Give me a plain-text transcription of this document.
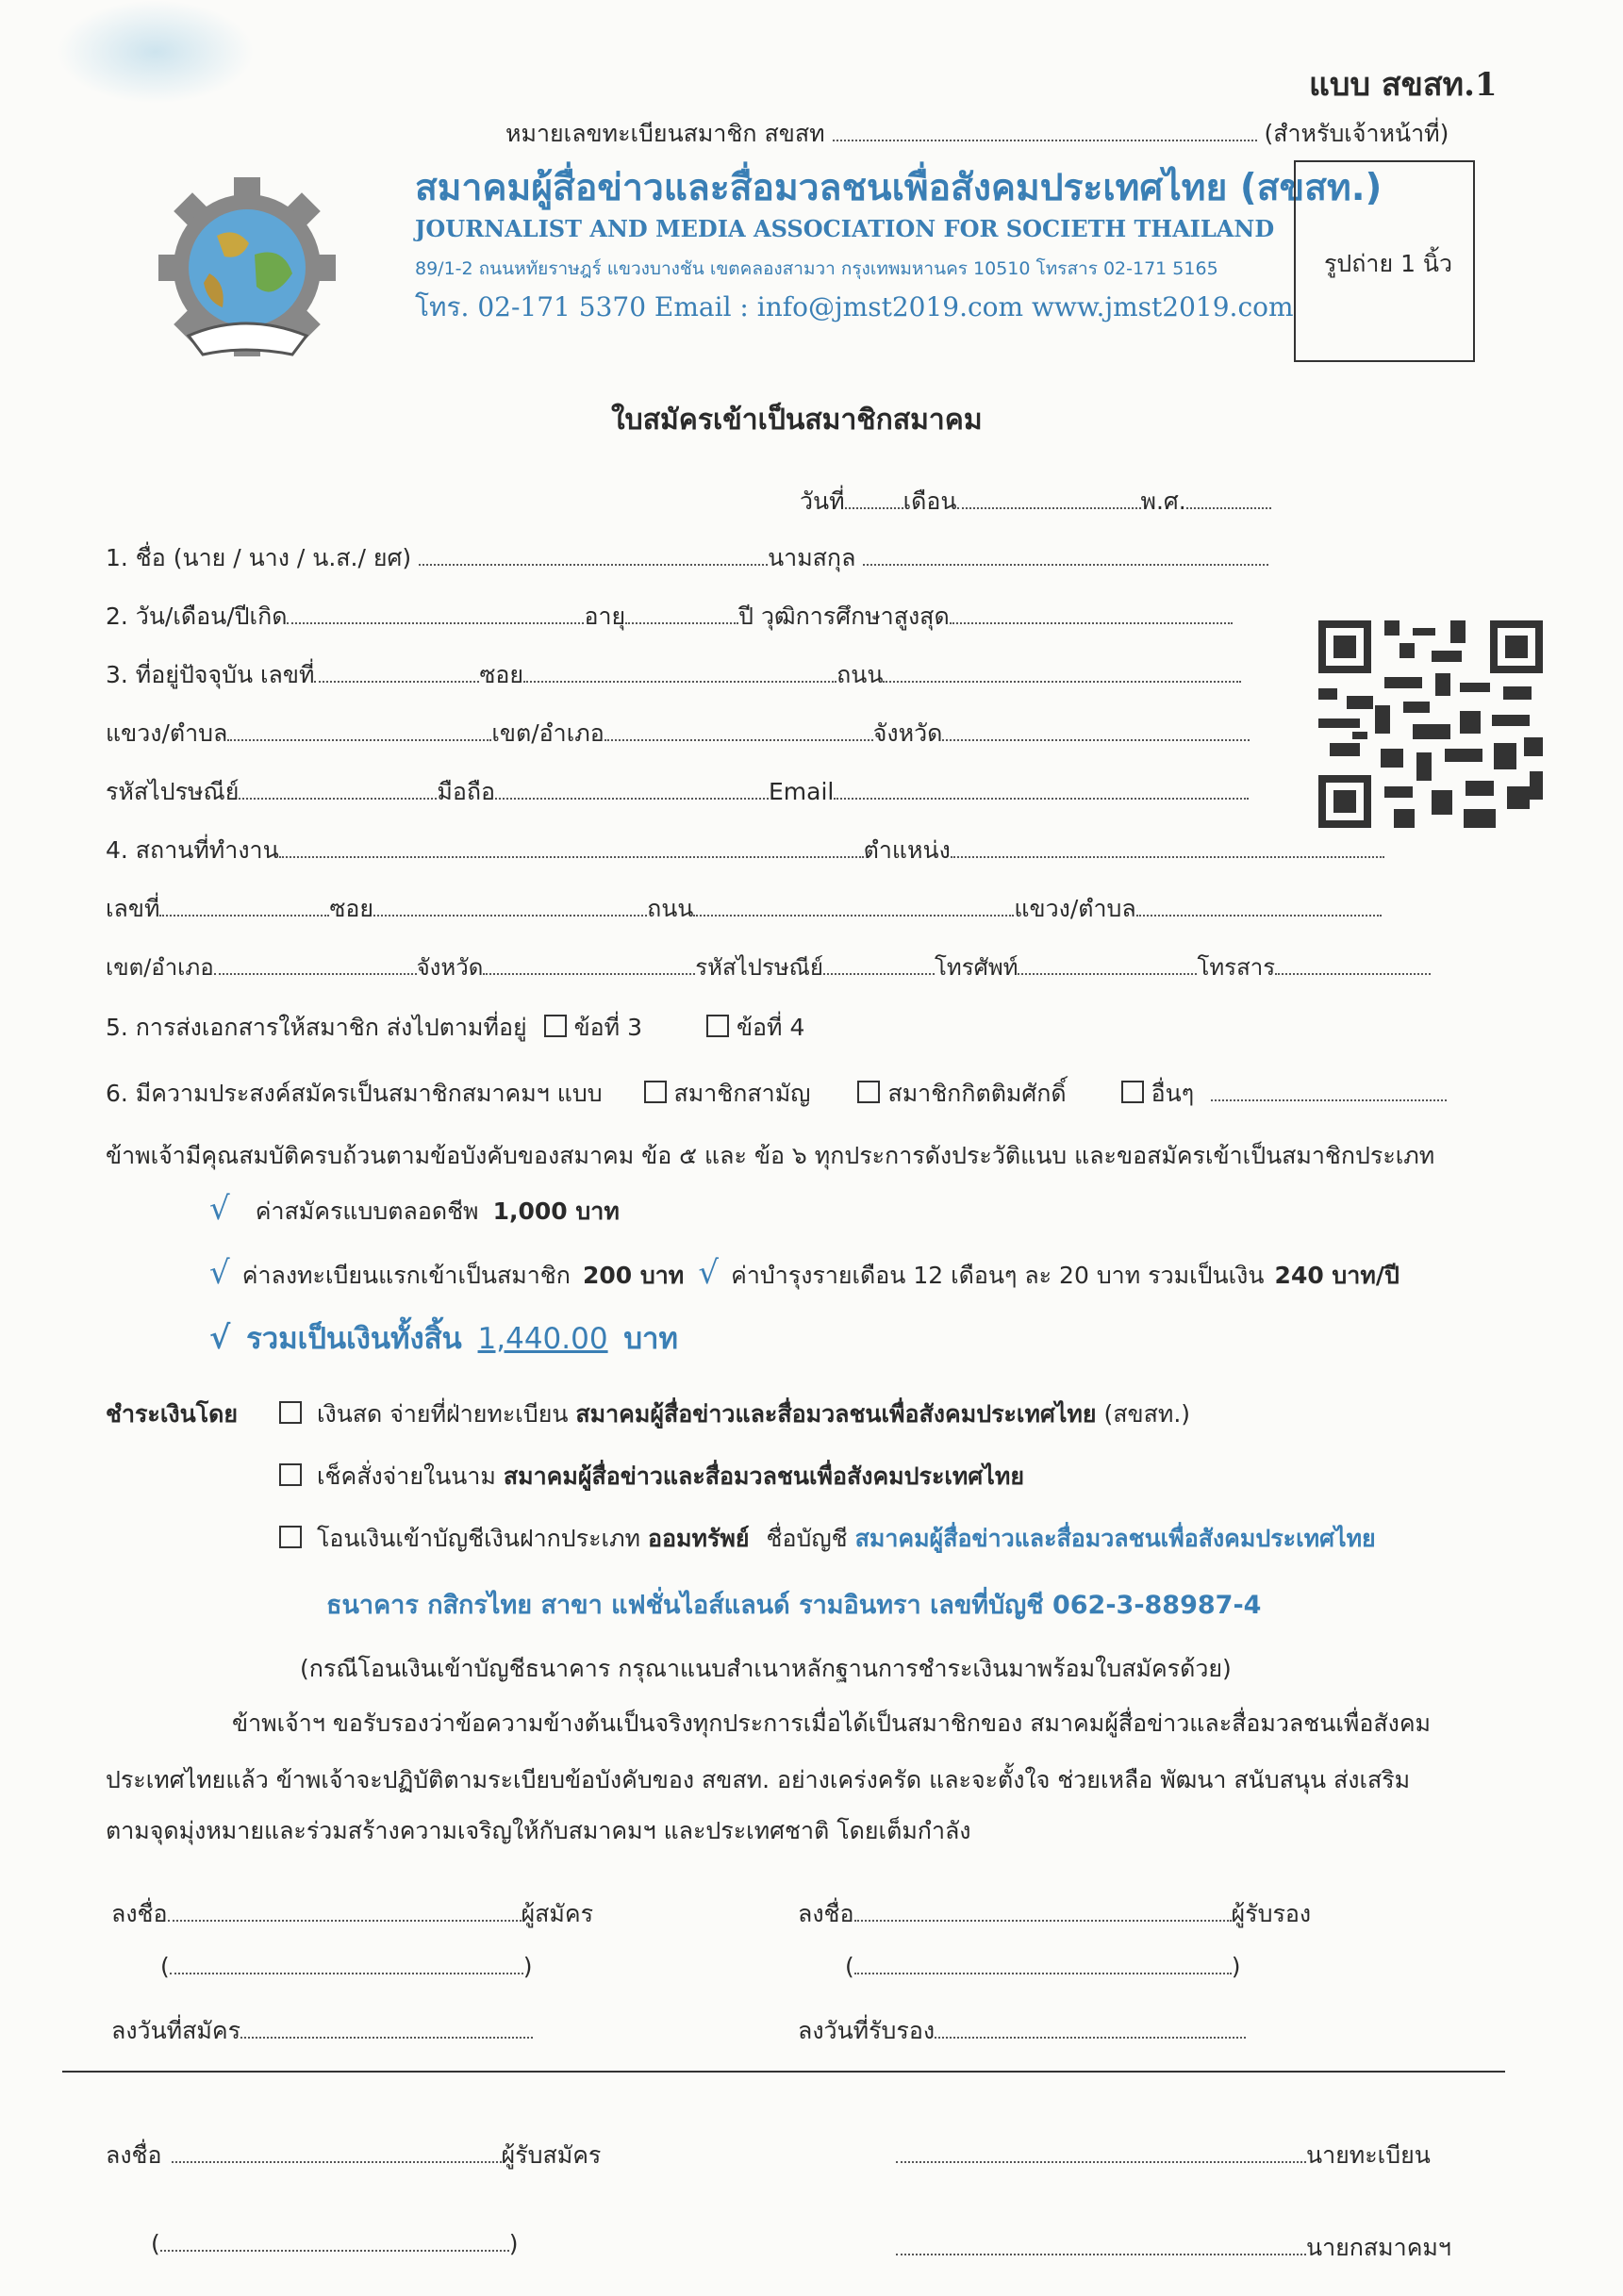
แบบ สขสท.1
หมายเลขทะเบียนสมาชิก สขสท	(สำหรับเจ้าหน้าที่)
สมาคมผู้สื่อข่าวและสื่อมวลชนเพื่อสังคมประเทศไทย (สขสท.)
JOURNALIST AND MEDIA ASSOCIATION FOR SOCIETH THAILAND
89/1-2 ถนนหทัยราษฎร์ แขวงบางชัน เขตคลองสามวา กรุงเทพมหานคร 10510 โทรสาร 02-171 5165
โทร. 02-171 5370 Email : info@jmst2019.com www.jmst2019.com
รูปถ่าย 1 นิ้ว
ใบสมัครเข้าเป็นสมาชิกสมาคม
วันที่ เดือน	พ.ศ.
1. ชื่อ (นาย / นาง / น.ส./ ยศ)	นามสกุล
2. วัน/เดือน/ปีเกิด	อายุ	ปี วุฒิการศึกษาสูงสุด
3. ที่อยู่ปัจจุบัน เลขที่	ซอย	ถนน
แขวง/ตำบล	เขต/อำเภอ	จังหวัด
รหัสไปรษณีย์	มือถือ	Email
4. สถานที่ทำงาน	ตำแหน่ง
เลขที่	ซอย	ถนน	แขวง/ตำบล
เขต/อำเภอ	จังหวัด	รหัสไปรษณีย์	โทรศัพท์	โทรสาร
5. การส่งเอกสารให้สมาชิก ส่งไปตามที่อยู่ ข้อที่ 3	ข้อที่ 4
6. มีความประสงค์สมัครเป็นสมาชิกสมาคมฯ แบบ	สมาชิกสามัญ	สมาชิกกิตติมศักดิ์	อื่นๆ
ข้าพเจ้ามีคุณสมบัติครบถ้วนตามข้อบังคับของสมาคม ข้อ ๕ และ ข้อ ๖ ทุกประการดังประวัติแนบ และขอสมัครเข้าเป็นสมาชิกประเภท
√ ค่าสมัครแบบตลอดชีพ 1,000 บาท
√ ค่าลงทะเบียนแรกเข้าเป็นสมาชิก 200 บาท √ ค่าบำรุงรายเดือน 12 เดือนๆ ละ 20 บาท รวมเป็นเงิน 240 บาท/ปี
√ รวมเป็นเงินทั้งสิ้น 1,440.00 บาท
ชำระเงินโดย	เงินสด จ่ายที่ฝ่ายทะเบียน สมาคมผู้สื่อข่าวและสื่อมวลชนเพื่อสังคมประเทศไทย (สขสท.)
เช็คสั่งจ่ายในนาม สมาคมผู้สื่อข่าวและสื่อมวลชนเพื่อสังคมประเทศไทย
โอนเงินเข้าบัญชีเงินฝากประเภท ออมทรัพย์ ชื่อบัญชี สมาคมผู้สื่อข่าวและสื่อมวลชนเพื่อสังคมประเทศไทย
ธนาคาร กสิกรไทย สาขา แฟชั่นไอส์แลนด์ รามอินทรา เลขที่บัญชี 062-3-88987-4
(กรณีโอนเงินเข้าบัญชีธนาคาร กรุณาแนบสำเนาหลักฐานการชำระเงินมาพร้อมใบสมัครด้วย)
ข้าพเจ้าฯ ขอรับรองว่าข้อความข้างต้นเป็นจริงทุกประการเมื่อได้เป็นสมาชิกของ สมาคมผู้สื่อข่าวและสื่อมวลชนเพื่อสังคม
ประเทศไทยแล้ว ข้าพเจ้าจะปฏิบัติตามระเบียบข้อบังคับของ สขสท. อย่างเคร่งครัด และจะตั้งใจ ช่วยเหลือ พัฒนา สนับสนุน ส่งเสริม
ตามจุดมุ่งหมายและร่วมสร้างความเจริญให้กับสมาคมฯ และประเทศชาติ โดยเต็มกำลัง
ลงชื่อ	ผู้สมัคร
(	)
ลงวันที่สมัคร
ลงชื่อ	ผู้รับรอง
(	)
ลงวันที่รับรอง
ลงชื่อ	ผู้รับสมัคร
(	)
นายทะเบียน
นายกสมาคมฯ
